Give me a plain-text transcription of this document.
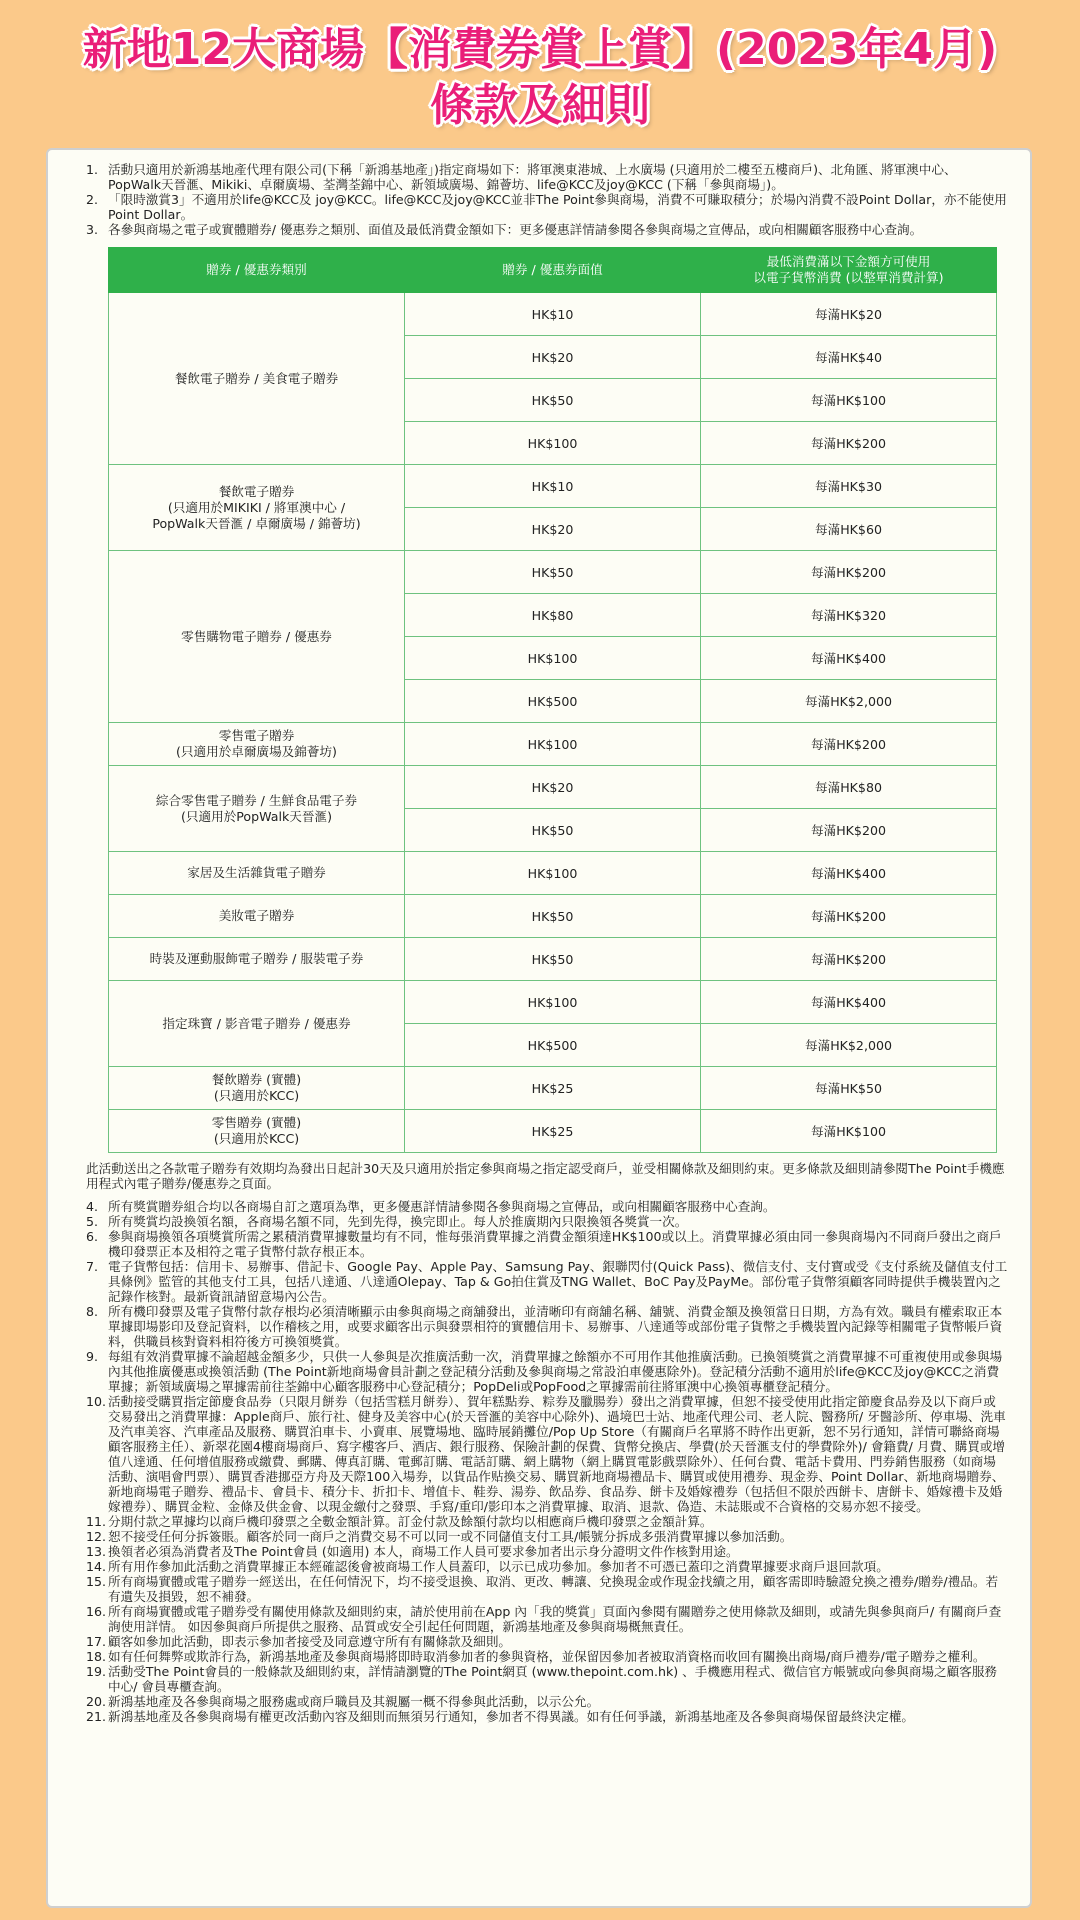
新地12大商場【消費券賞上賞】(2023年4月)
條款及細則
1. 活動只適用於新鴻基地產代理有限公司(下稱「新鴻基地產」)指定商場如下：將軍澳東港城、上水廣場 (只適用於二樓至五樓商戶)、北角匯、將軍澳中心、PopWalk天晉滙、Mikiki、卓爾廣場、荃灣荃錦中心、新領域廣場、錦薈坊、life@KCC及joy@KCC (下稱「參與商場」)。
2. 「限時激賞3」不適用於life@KCC及 joy@KCC。life@KCC及joy@KCC並非The Point參與商場，消費不可賺取積分；於場內消費不設Point Dollar，亦不能使用Point Dollar。
3. 各參與商場之電子或實體贈券/ 優惠券之類別、面值及最低消費金額如下：更多優惠詳情請參閱各參與商場之宣傳品，或向相關顧客服務中心查詢。
贈券 / 優惠券類別	贈券 / 優惠券面值	最低消費滿以下金額方可使用
以電子貨幣消費 (以整單消費計算)
餐飲電子贈券 / 美食電子贈券	HK$10	每滿HK$20
	HK$20	每滿HK$40
	HK$50	每滿HK$100
	HK$100	每滿HK$200
餐飲電子贈券
(只適用於MIKIKI / 將軍澳中心 /
PopWalk天晉滙 / 卓爾廣場 / 錦薈坊)	HK$10	每滿HK$30
	HK$20	每滿HK$60
零售購物電子贈券 / 優惠券	HK$50	每滿HK$200
	HK$80	每滿HK$320
	HK$100	每滿HK$400
	HK$500	每滿HK$2,000
零售電子贈券
(只適用於卓爾廣場及錦薈坊)	HK$100	每滿HK$200
綜合零售電子贈券 / 生鮮食品電子券
(只適用於PopWalk天晉滙)	HK$20	每滿HK$80
	HK$50	每滿HK$200
家居及生活雜貨電子贈券	HK$100	每滿HK$400
美妝電子贈券	HK$50	每滿HK$200
時裝及運動服飾電子贈券 / 服裝電子券	HK$50	每滿HK$200
指定珠寶 / 影音電子贈券 / 優惠券	HK$100	每滿HK$400
	HK$500	每滿HK$2,000
餐飲贈券 (實體)
(只適用於KCC)	HK$25	每滿HK$50
零售贈券 (實體)
(只適用於KCC)	HK$25	每滿HK$100
此活動送出之各款電子贈券有效期均為發出日起計30天及只適用於指定參與商場之指定認受商戶，並受相關條款及細則約束。更多條款及細則請參閱The Point手機應用程式內電子贈券/優惠券之頁面。
4. 所有獎賞贈券組合均以各商場自訂之選項為準，更多優惠詳情請參閱各參與商場之宣傳品，或向相關顧客服務中心查詢。
5. 所有獎賞均設換領名額，各商場名額不同，先到先得，換完即止。每人於推廣期內只限換領各獎賞一次。
6. 參與商場換領各項獎賞所需之累積消費單據數量均有不同，惟每張消費單據之消費金額須達HK$100或以上。消費單據必須由同一參與商場內不同商戶發出之商戶機印發票正本及相符之電子貨幣付款存根正本。
7. 電子貨幣包括：信用卡、易辦事、借記卡、Google Pay、Apple Pay、Samsung Pay、銀聯閃付(Quick Pass)、微信支付、支付寶或受《支付系統及儲值支付工具條例》監管的其他支付工具，包括八達通、八達通Olepay、Tap & Go拍住賞及TNG Wallet、BoC Pay及PayMe。部份電子貨幣須顧客同時提供手機裝置內之記錄作核對。最新資訊請留意場內公告。
8. 所有機印發票及電子貨幣付款存根均必須清晰顯示由參與商場之商舖發出，並清晰印有商舖名稱、舖號、消費金額及換領當日日期，方為有效。職員有權索取正本單據即場影印及登記資料，以作稽核之用，或要求顧客出示與發票相符的實體信用卡、易辦事、八達通等或部份電子貨幣之手機裝置內記錄等相關電子貨幣帳戶資料，供職員核對資料相符後方可換領獎賞。
9. 每組有效消費單據不論超越金額多少，只供一人參與是次推廣活動一次，消費單據之餘額亦不可用作其他推廣活動。已換領獎賞之消費單據不可重複使用或參與場內其他推廣優惠或換領活動 (The Point新地商場會員計劃之登記積分活動及參與商場之常設泊車優惠除外)。登記積分活動不適用於life@KCC及joy@KCC之消費單據；新領域廣場之單據需前往荃錦中心顧客服務中心登記積分；PopDeli或PopFood之單據需前往將軍澳中心換領專櫃登記積分。
10. 活動接受購買指定節慶食品券（只限月餅券（包括雪糕月餅券）、賀年糕點券、粽券及臘腸券）發出之消費單據，但恕不接受使用此指定節慶食品券及以下商戶或交易發出之消費單據：Apple商戶、旅行社、健身及美容中心(於天晉滙的美容中心除外)、過境巴士站、地產代理公司、老人院、醫務所/ 牙醫診所、停車場、洗車及汽車美容、汽車產品及服務、購買泊車卡、小賣車、展覽場地、臨時展銷攤位/Pop Up Store（有關商戶名單將不時作出更新，恕不另行通知，詳情可聯絡商場顧客服務主任）、新翠花園4樓商場商戶、寫字樓客戶、酒店、銀行服務、保險計劃的保費、貨幣兌換店、學費(於天晉滙支付的學費除外)/ 會籍費/ 月費、購買或增值八達通、任何增值服務或繳費、郵購、傳真訂購、電郵訂購、電話訂購、網上購物（網上購買電影戲票除外）、任何台費、電話卡費用、門券銷售服務（如商場活動、演唱會門票）、購買香港挪亞方舟及天際100入場券，以貨品作贴換交易、購買新地商場禮品卡、購買或使用禮券、現金券、Point Dollar、新地商場贈券、新地商場電子贈券、禮品卡、會員卡、積分卡、折扣卡、增值卡、鞋券、湯券、飲品券、食品券、餅卡及婚嫁禮券（包括但不限於西餅卡、唐餅卡、婚嫁禮卡及婚嫁禮券）、購買金粒、金條及供金會、以現金繳付之發票、手寫/重印/影印本之消費單據、取消、退款、偽造、未誌賬或不合資格的交易亦恕不接受。
11. 分期付款之單據均以商戶機印發票之全數金額計算。訂金付款及餘額付款均以相應商戶機印發票之金額計算。
12. 恕不接受任何分拆簽賬。顧客於同一商戶之消費交易不可以同一或不同儲值支付工具/帳號分拆成多張消費單據以參加活動。
13. 換領者必須為消費者及The Point會員 (如適用) 本人，商場工作人員可要求參加者出示身分證明文件作核對用途。
14. 所有用作參加此活動之消費單據正本經確認後會被商場工作人員蓋印，以示已成功參加。參加者不可憑已蓋印之消費單據要求商戶退回款項。
15. 所有商場實體或電子贈券一經送出，在任何情況下，均不接受退換、取消、更改、轉讓、兌換現金或作現金找續之用，顧客需即時驗證兌換之禮券/贈券/禮品。若有遺失及損毀，恕不補發。
16. 所有商場實體或電子贈券受有關使用條款及細則約束，請於使用前在App 內「我的獎賞」頁面內參閱有關贈券之使用條款及細則，或請先與參與商戶/ 有關商戶查詢使用詳情。 如因參與商戶所提供之服務、品質或安全引起任何問題，新鴻基地產及參與商場概無責任。
17. 顧客如參加此活動，即表示參加者接受及同意遵守所有有關條款及細則。
18. 如有任何舞弊或欺詐行為，新鴻基地產及參與商場將即時取消參加者的參與資格，並保留因參加者被取消資格而收回有關換出商場/商戶禮券/電子贈券之權利。
19. 活動受The Point會員的一般條款及細則約束，詳情請瀏覽的The Point網頁 (www.thepoint.com.hk) 、手機應用程式、微信官方帳號或向參與商場之顧客服務中心/ 會員專櫃查詢。
20. 新鴻基地產及各參與商場之服務處或商戶職員及其親屬一概不得參與此活動，以示公允。
21. 新鴻基地產及各參與商場有權更改活動內容及細則而無須另行通知，參加者不得異議。如有任何爭議，新鴻基地產及各參與商場保留最終決定權。
